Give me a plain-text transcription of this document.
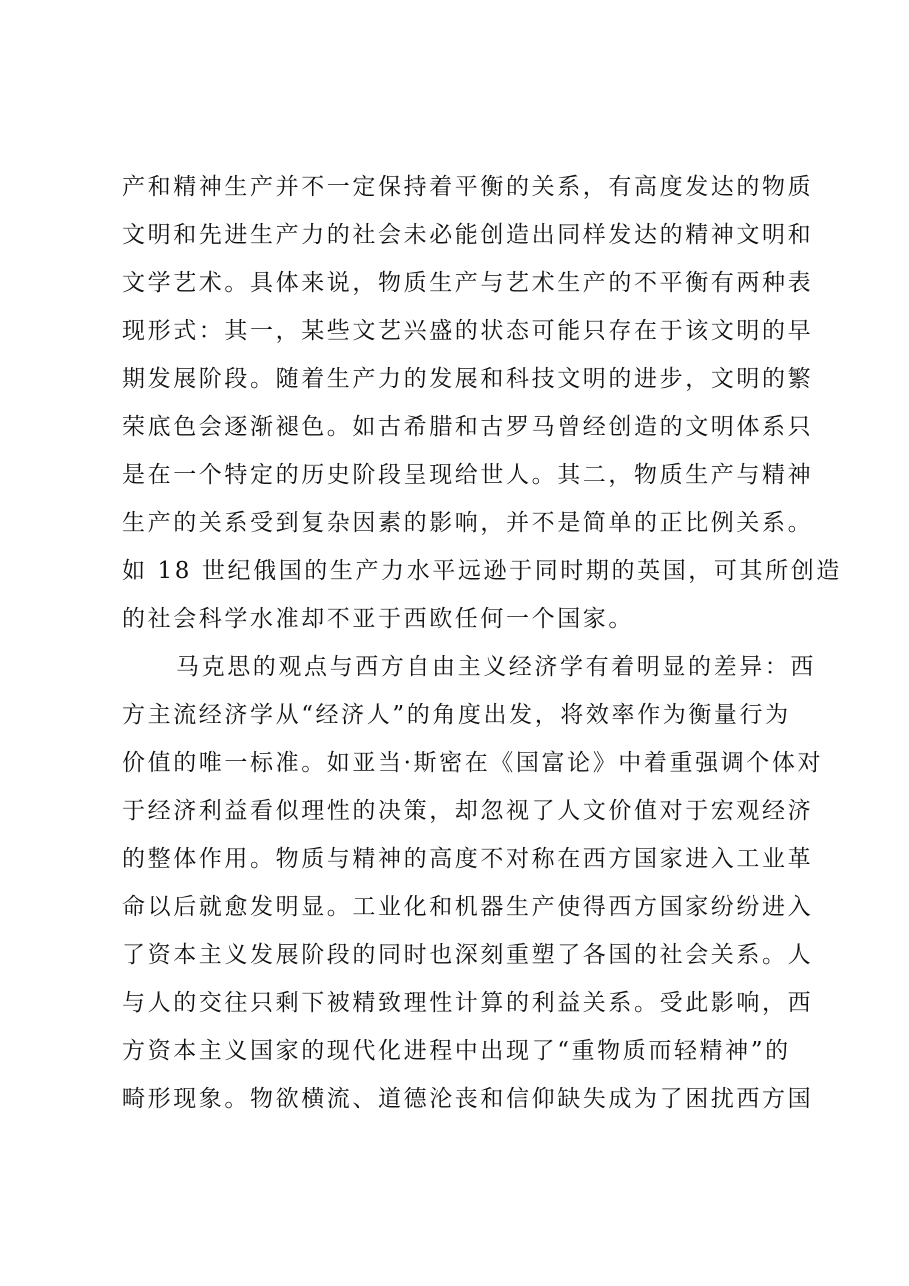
产和精神生产并不一定保持着平衡的关系，有高度发达的物质
文明和先进生产力的社会未必能创造出同样发达的精神文明和
文学艺术。具体来说，物质生产与艺术生产的不平衡有两种表
现形式：其一，某些文艺兴盛的状态可能只存在于该文明的早
期发展阶段。随着生产力的发展和科技文明的进步，文明的繁
荣底色会逐渐褪色。如古希腊和古罗马曾经创造的文明体系只
是在一个特定的历史阶段呈现给世人。其二，物质生产与精神
生产的关系受到复杂因素的影响，并不是简单的正比例关系。
如 18 世纪俄国的生产力水平远逊于同时期的英国，可其所创造
的社会科学水准却不亚于西欧任何一个国家。
马克思的观点与西方自由主义经济学有着明显的差异：西
方主流经济学从“经济人”的角度出发，将效率作为衡量行为
价值的唯一标准。如亚当·斯密在《国富论》中着重强调个体对
于经济利益看似理性的决策，却忽视了人文价值对于宏观经济
的整体作用。物质与精神的高度不对称在西方国家进入工业革
命以后就愈发明显。工业化和机器生产使得西方国家纷纷进入
了资本主义发展阶段的同时也深刻重塑了各国的社会关系。人
与人的交往只剩下被精致理性计算的利益关系。受此影响，西
方资本主义国家的现代化进程中出现了“重物质而轻精神”的
畸形现象。物欲横流、道德沦丧和信仰缺失成为了困扰西方国
